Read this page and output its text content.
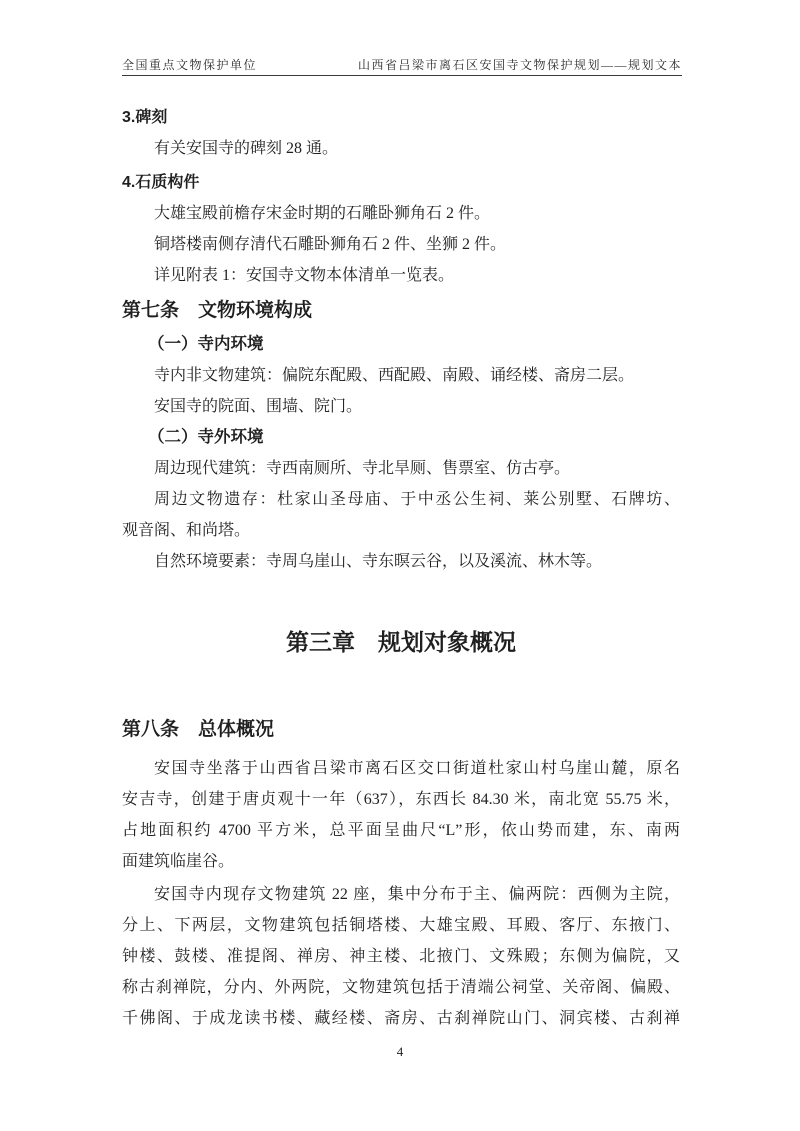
全国重点文物保护单位	山西省吕梁市离石区安国寺文物保护规划——规划文本
3.碑刻
有关安国寺的碑刻 28 通。
4.石质构件
大雄宝殿前檐存宋金时期的石雕卧狮角石 2 件。
铜塔楼南侧存清代石雕卧狮角石 2 件、坐狮 2 件。
详见附表 1：安国寺文物本体清单一览表。
第七条　文物环境构成
（一）寺内环境
寺内非文物建筑：偏院东配殿、西配殿、南殿、诵经楼、斋房二层。
安国寺的院面、围墙、院门。
（二）寺外环境
周边现代建筑：寺西南厕所、寺北旱厕、售票室、仿古亭。
周边文物遗存：杜家山圣母庙、于中丞公生祠、莱公别墅、石牌坊、
观音阁、和尚塔。
自然环境要素：寺周乌崖山、寺东暝云谷，以及溪流、林木等。
第三章　规划对象概况
第八条　总体概况
安国寺坐落于山西省吕梁市离石区交口街道杜家山村乌崖山麓，原名
安吉寺，创建于唐贞观十一年（637），东西长 84.30 米，南北宽 55.75 米，
占地面积约 4700 平方米，总平面呈曲尺“L”形，依山势而建，东、南两
面建筑临崖谷。
安国寺内现存文物建筑 22 座，集中分布于主、偏两院：西侧为主院，
分上、下两层，文物建筑包括铜塔楼、大雄宝殿、耳殿、客厅、东掖门、
钟楼、鼓楼、准提阁、禅房、神主楼、北掖门、文殊殿；东侧为偏院，又
称古刹禅院，分内、外两院，文物建筑包括于清端公祠堂、关帝阁、偏殿、
千佛阁、于成龙读书楼、藏经楼、斋房、古刹禅院山门、洞宾楼、古刹禅
4
